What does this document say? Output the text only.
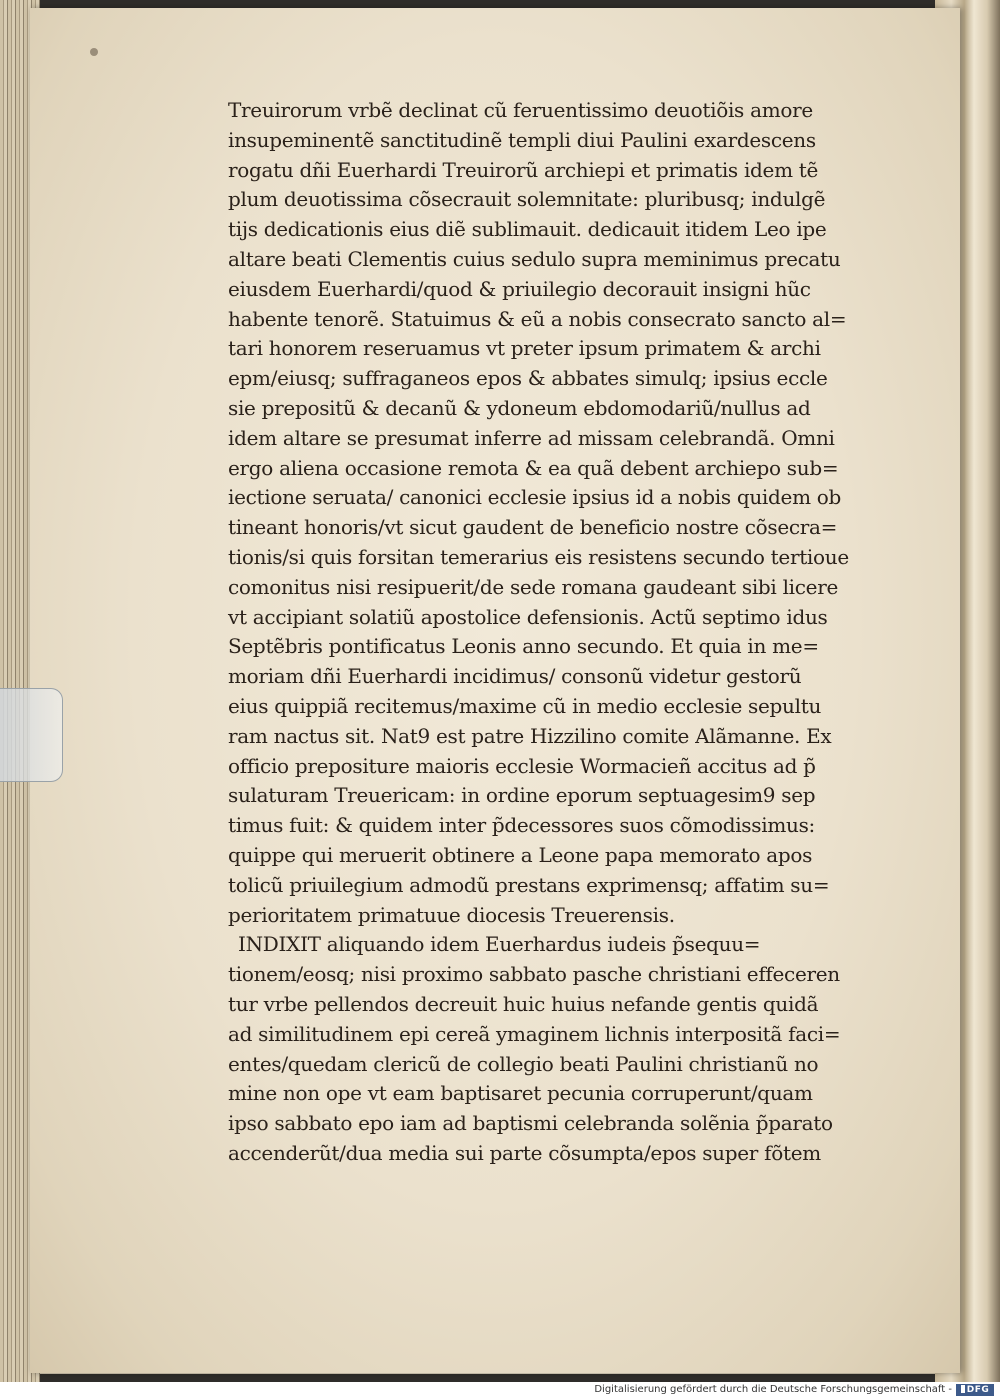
Treuirorum vrbẽ declinat cũ feruentissimo deuotiõis amore
insupeminentẽ sanctitudinẽ templi diui Paulini exardescens
rogatu dñi Euerhardi Treuirorũ archiepi et primatis idem tẽ
plum deuotissima cõsecrauit solemnitate: pluribusq; indulgẽ
tijs dedicationis eius diẽ sublimauit. dedicauit itidem Leo ipe
altare beati Clementis cuius sedulo supra meminimus precatu
eiusdem Euerhardi/quod & priuilegio decorauit insigni hũc
habente tenorẽ. Statuimus & eũ a nobis consecrato sancto al=
tari honorem reseruamus vt preter ipsum primatem & archi
epm/eiusq; suffraganeos epos & abbates simulq; ipsius eccle
sie prepositũ & decanũ & ydoneum ebdomodariũ/nullus ad
idem altare se presumat inferre ad missam celebrandã. Omni
ergo aliena occasione remota & ea quã debent archiepo sub=
iectione seruata/ canonici ecclesie ipsius id a nobis quidem ob
tineant honoris/vt sicut gaudent de beneficio nostre cõsecra=
tionis/si quis forsitan temerarius eis resistens secundo tertioue
comonitus nisi resipuerit/de sede romana gaudeant sibi licere
vt accipiant solatiũ apostolice defensionis. Actũ septimo idus
Septẽbris pontificatus Leonis anno secundo. Et quia in me=
moriam dñi Euerhardi incidimus/ consonũ videtur gestorũ
eius quippiã recitemus/maxime cũ in medio ecclesie sepultu
ram nactus sit. Nat9 est patre Hizzilino comite Alãmanne. Ex
officio prepositure maioris ecclesie Wormacieñ accitus ad p̃
sulaturam Treuericam: in ordine eporum septuagesim9 sep
timus fuit: & quidem inter p̃decessores suos cõmodissimus:
quippe qui meruerit obtinere a Leone papa memorato apos
tolicũ priuilegium admodũ prestans exprimensq; affatim su=
perioritatem primatuue diocesis Treuerensis.
INDIXIT aliquando idem Euerhardus iudeis p̃sequu=
tionem/eosq; nisi proximo sabbato pasche christiani effeceren
tur vrbe pellendos decreuit huic huius nefande gentis quidã
ad similitudinem epi cereã ymaginem lichnis interpositã faci=
entes/quedam clericũ de collegio beati Paulini christianũ no
mine non ope vt eam baptisaret pecunia corruperunt/quam
ipso sabbato epo iam ad baptismi celebranda solẽnia p̃parato
accenderũt/dua media sui parte cõsumpta/epos super fõtem
Digitalisierung gefördert durch die Deutsche Forschungsgemeinschaft -	DFG
